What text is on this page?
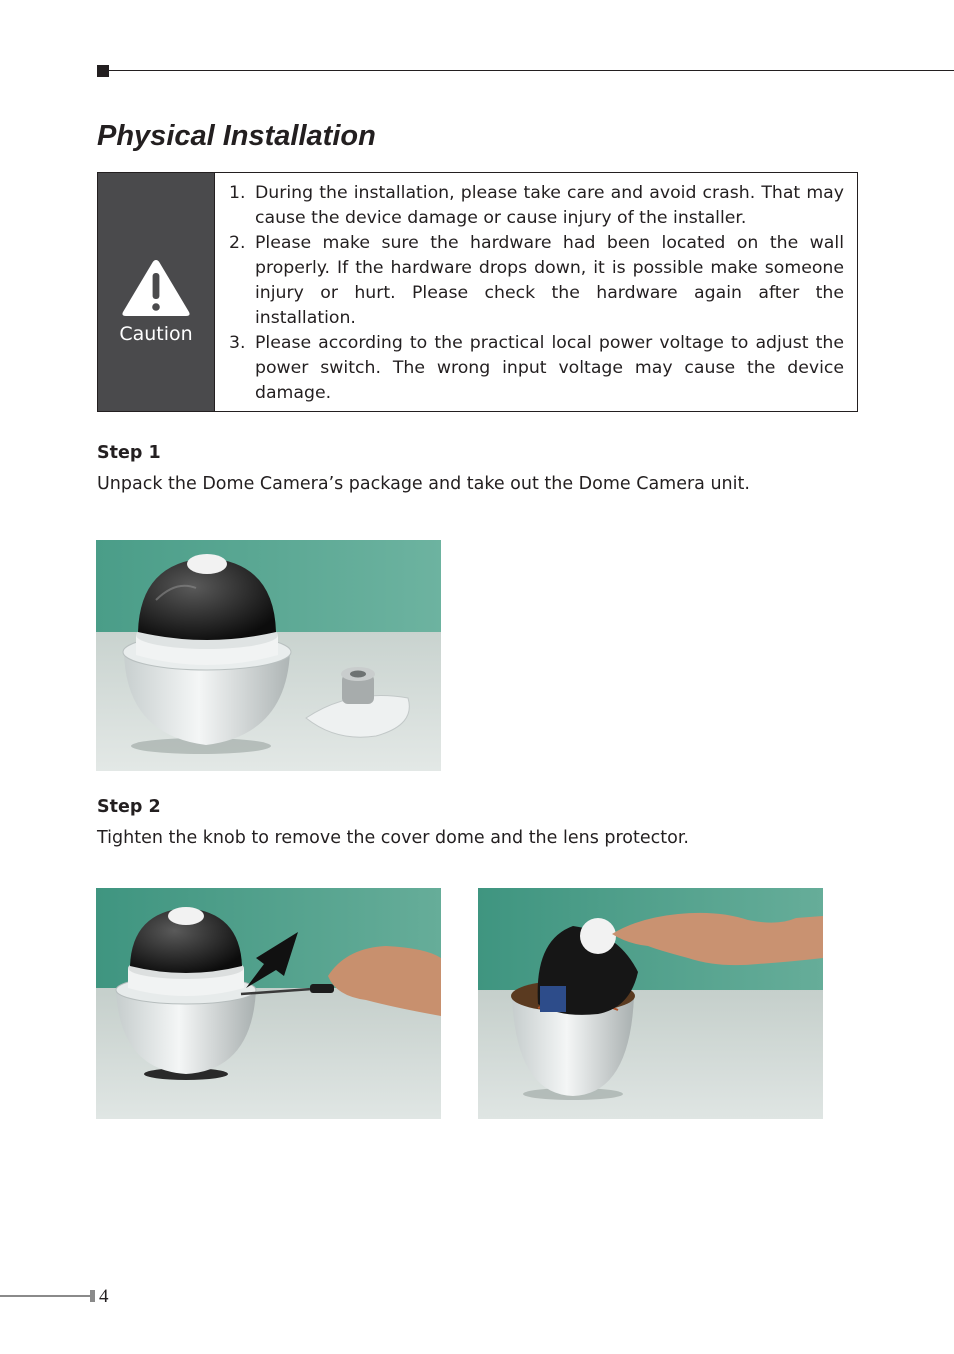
Physical Installation
Caution
1. During the installation, please take care and avoid crash. That may cause the device damage or cause injury of the installer.
2. Please make sure the hardware had been located on the wall properly. If the hardware drops down, it is possible make someone injury or hurt. Please check the hardware again after the installation.
3. Please according to the practical local power voltage to adjust the power switch. The wrong input voltage may cause the device damage.
Step 1

Unpack the Dome Camera’s package and take out the Dome Camera unit.

Step 2

Tighten the knob to remove the cover dome and the lens protector.

4
